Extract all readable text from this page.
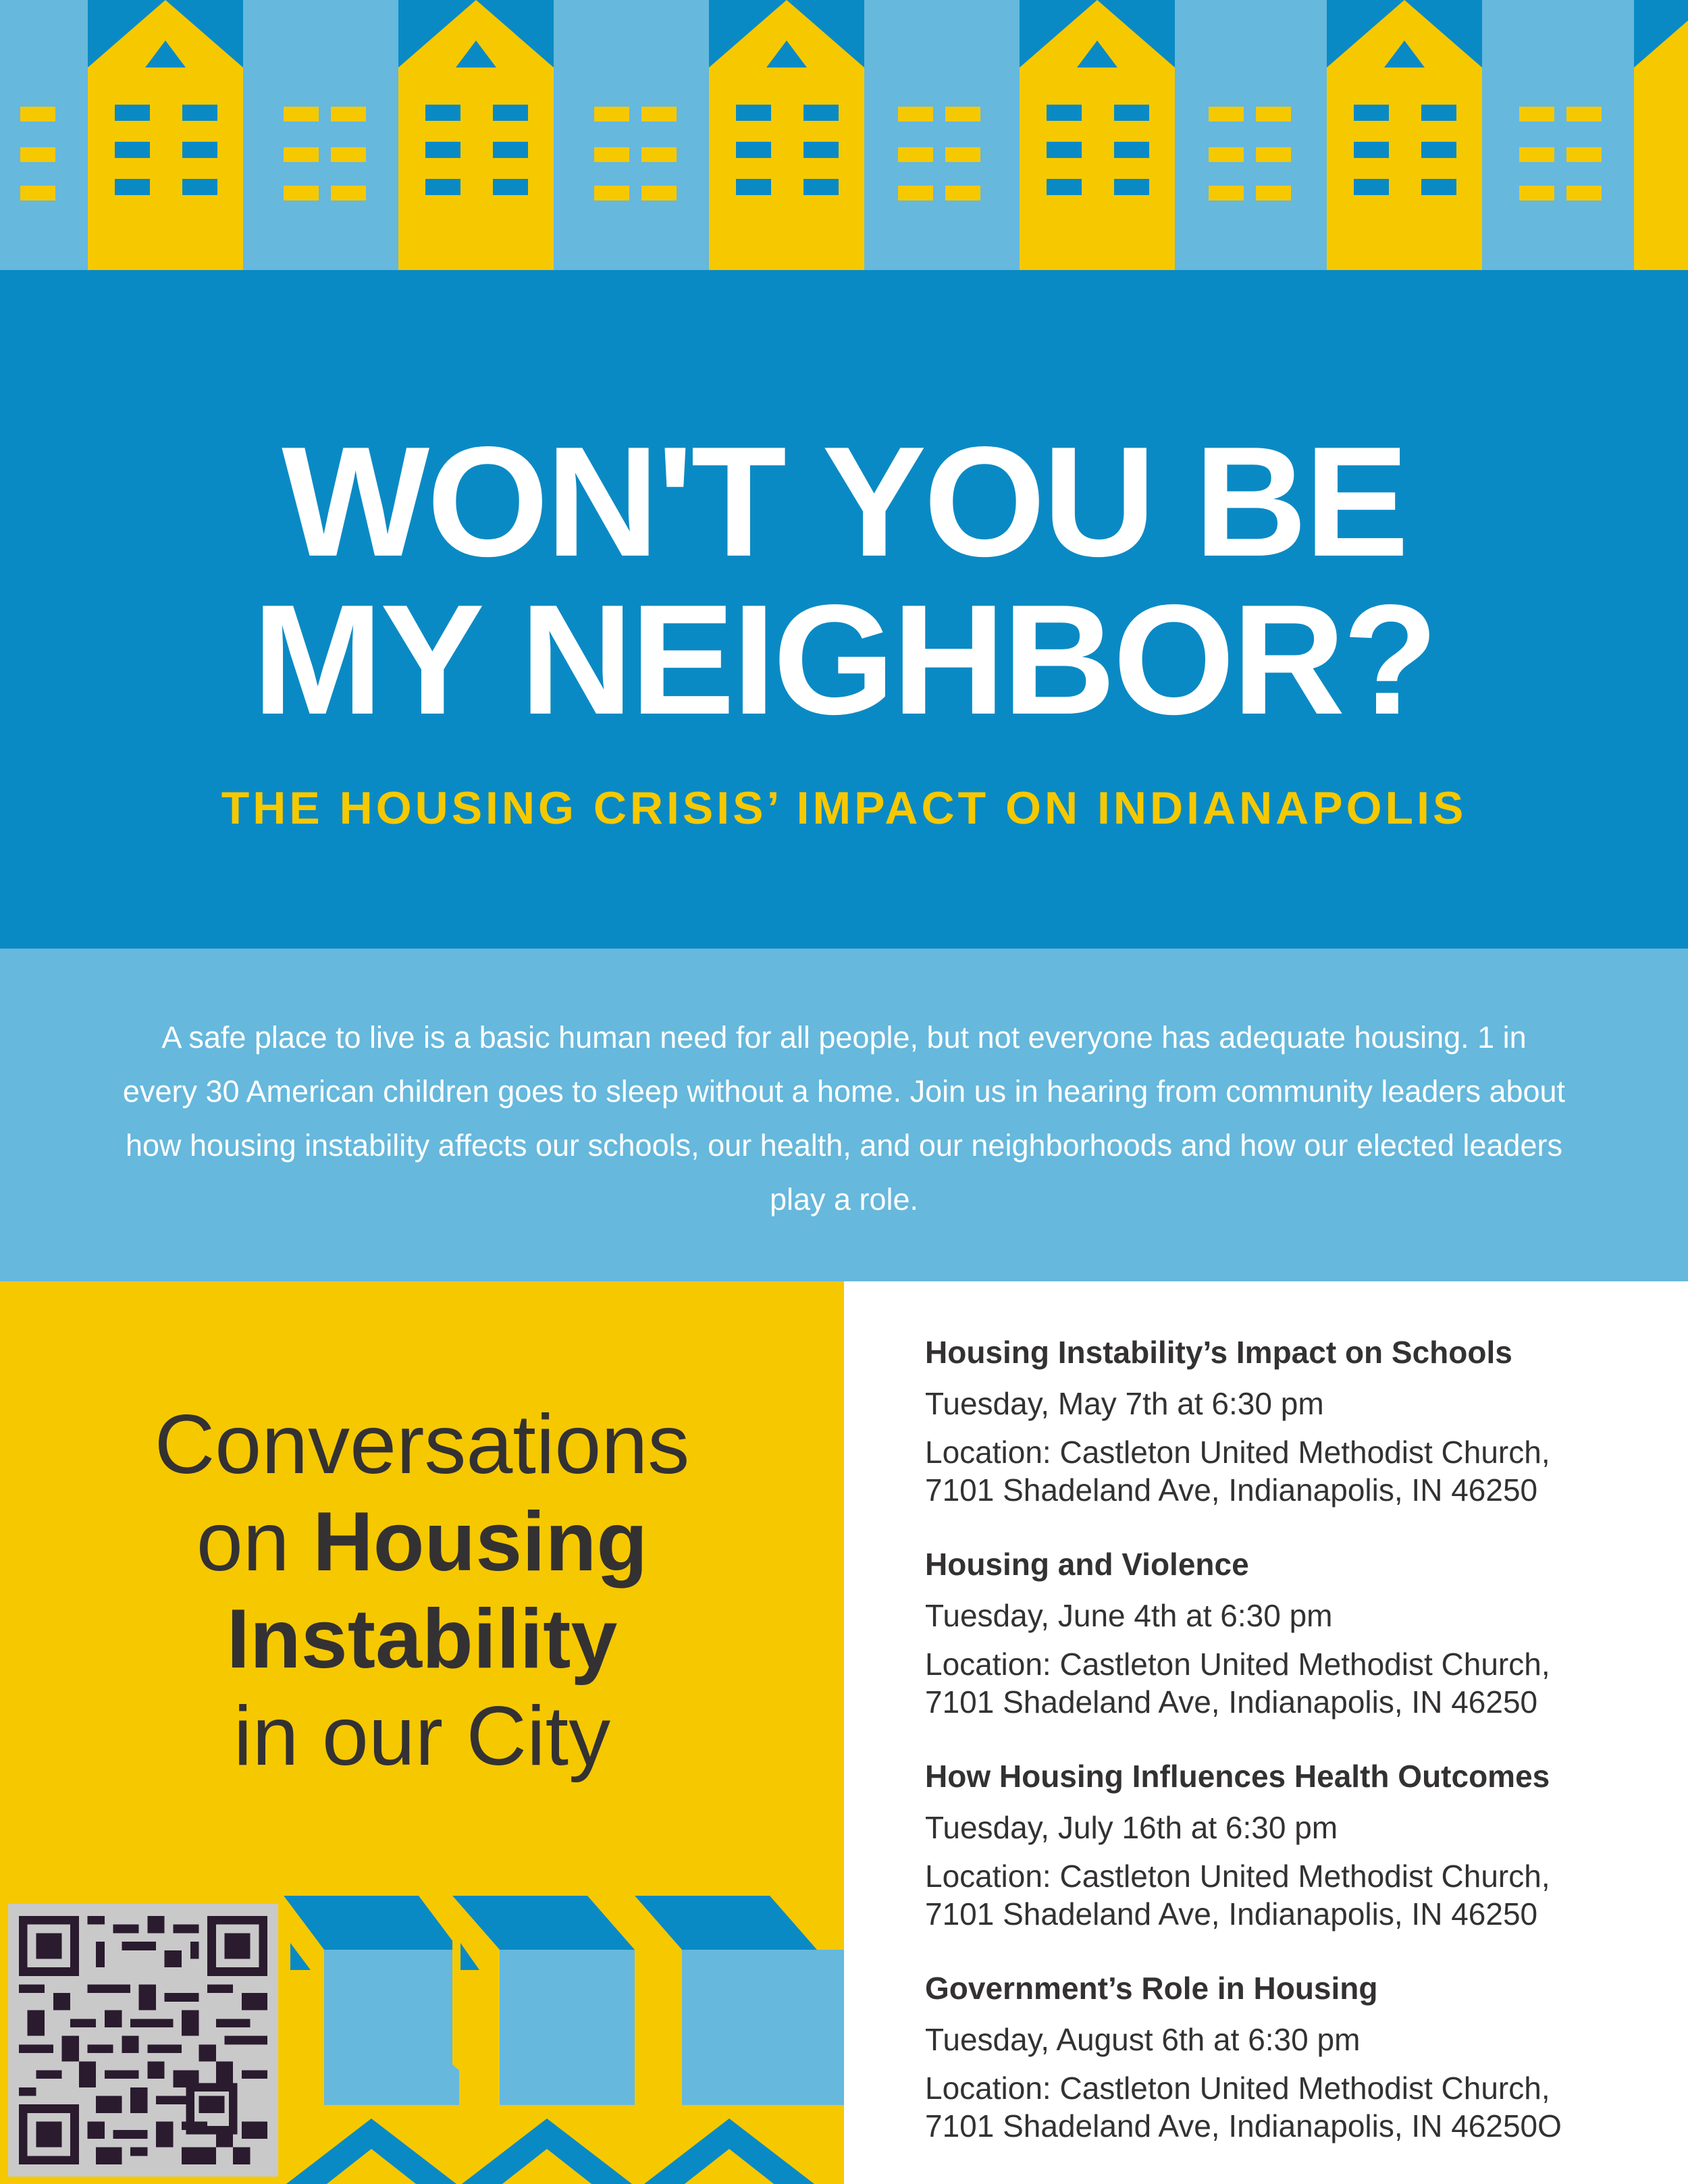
WON'T YOU BE
MY NEIGHBOR?
THE HOUSING CRISIS’ IMPACT ON INDIANAPOLIS
A safe place to live is a basic human need for all people, but not everyone has adequate housing. 1 in every 30 American children goes to sleep without a home. Join us in hearing from community leaders about how housing instability affects our schools, our health, and our neighborhoods and how our elected leaders play a role.
Conversations
on Housing
Instability
in our City
Housing Instability’s Impact on Schools

Tuesday, May 7th at 6:30 pm

Location: Castleton United Methodist Church,

7101 Shadeland Ave, Indianapolis, IN 46250

Housing and Violence

Tuesday, June 4th at 6:30 pm

Location: Castleton United Methodist Church,

7101 Shadeland Ave, Indianapolis, IN 46250

How Housing Influences Health Outcomes

Tuesday, July 16th at 6:30 pm

Location: Castleton United Methodist Church,

7101 Shadeland Ave, Indianapolis, IN 46250

Government’s Role in Housing

Tuesday, August 6th at 6:30 pm

Location: Castleton United Methodist Church,

7101 Shadeland Ave, Indianapolis, IN 46250O
